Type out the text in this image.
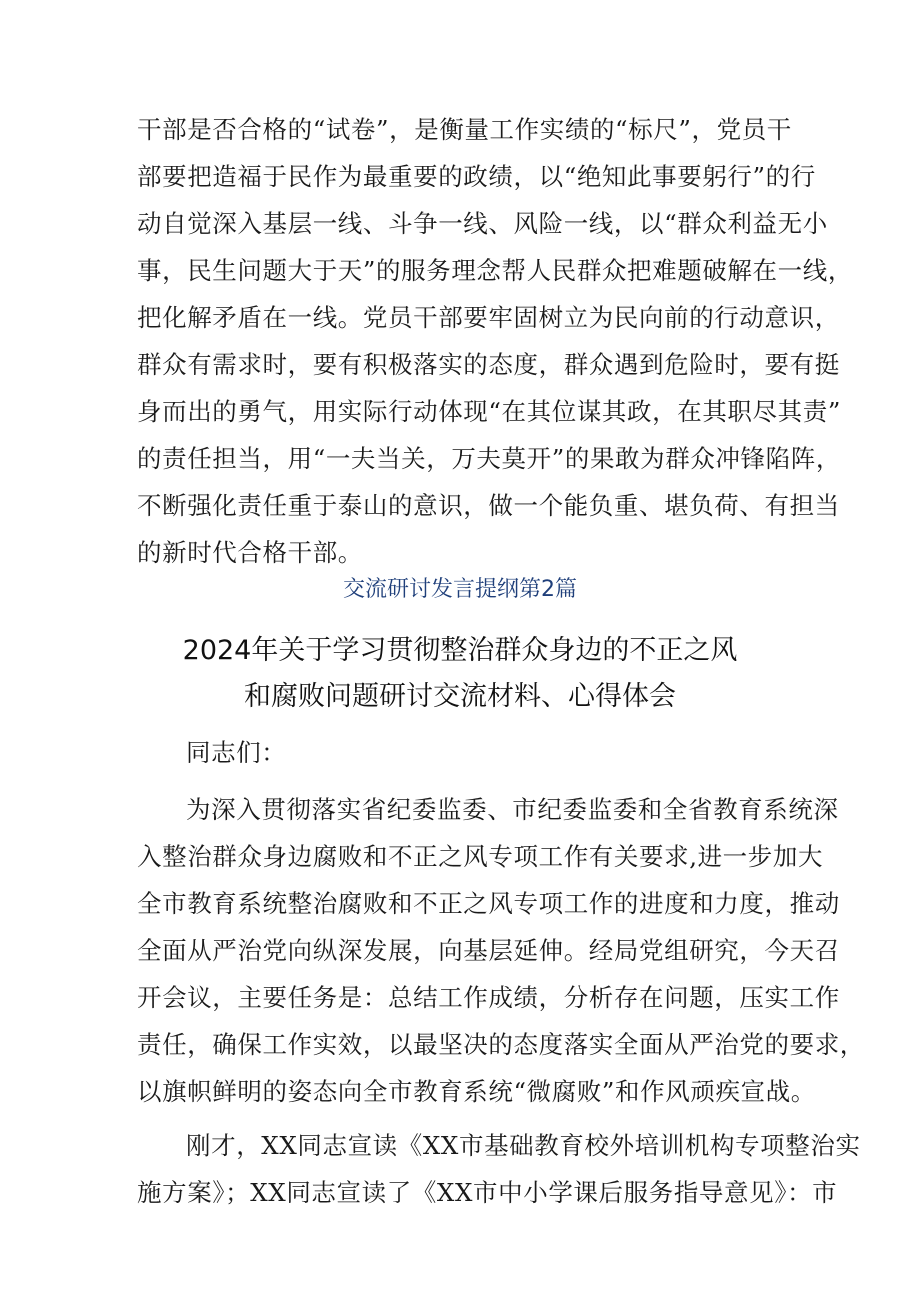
干部是否合格的“试卷”，是衡量工作实绩的“标尺”，党员干
部要把造福于民作为最重要的政绩，以“绝知此事要躬行”的行
动自觉深入基层一线、斗争一线、风险一线，以“群众利益无小
事，民生问题大于天”的服务理念帮人民群众把难题破解在一线，
把化解矛盾在一线。党员干部要牢固树立为民向前的行动意识，
群众有需求时，要有积极落实的态度，群众遇到危险时，要有挺
身而出的勇气，用实际行动体现“在其位谋其政，在其职尽其责”
的责任担当，用“一夫当关，万夫莫开”的果敢为群众冲锋陷阵，
不断强化责任重于泰山的意识，做一个能负重、堪负荷、有担当
的新时代合格干部。
交流研讨发言提纲第2篇
2024年关于学习贯彻整治群众身边的不正之风
和腐败问题研讨交流材料、心得体会
同志们：
为深入贯彻落实省纪委监委、市纪委监委和全省教育系统深
入整治群众身边腐败和不正之风专项工作有关要求,进一步加大
全市教育系统整治腐败和不正之风专项工作的进度和力度，推动
全面从严治党向纵深发展，向基层延伸。经局党组研究，今天召
开会议，主要任务是：总结工作成绩，分析存在问题，压实工作
责任，确保工作实效，以最坚决的态度落实全面从严治党的要求，
以旗帜鲜明的姿态向全市教育系统“微腐败”和作风顽疾宣战。
刚才，XX同志宣读《XX市基础教育校外培训机构专项整治实
施方案》；XX同志宣读了《XX市中小学课后服务指导意见》：市
